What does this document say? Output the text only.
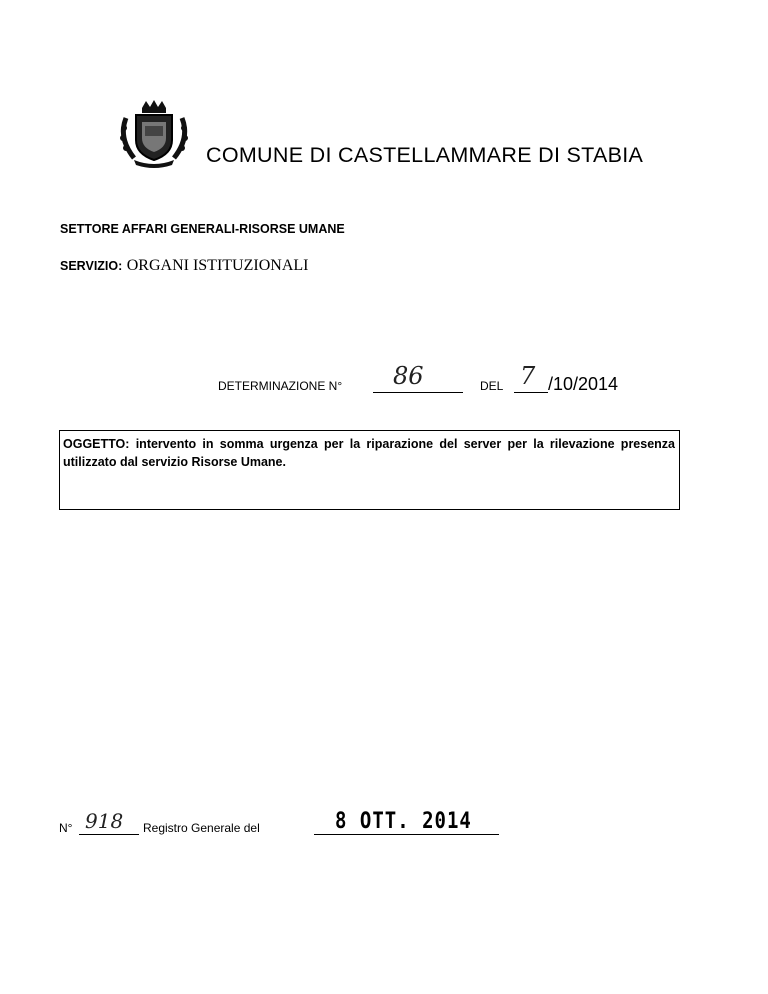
COMUNE DI CASTELLAMMARE DI STABIA
SETTORE AFFARI GENERALI-RISORSE UMANE
SERVIZIO: ORGANI ISTITUZIONALI
DETERMINAZIONE N° 86	DEL 7 /10/2014
OGGETTO: intervento in somma urgenza per la riparazione del server per la rilevazione presenza utilizzato dal servizio Risorse Umane.
N° 918 Registro Generale del	8 OTT. 2014
